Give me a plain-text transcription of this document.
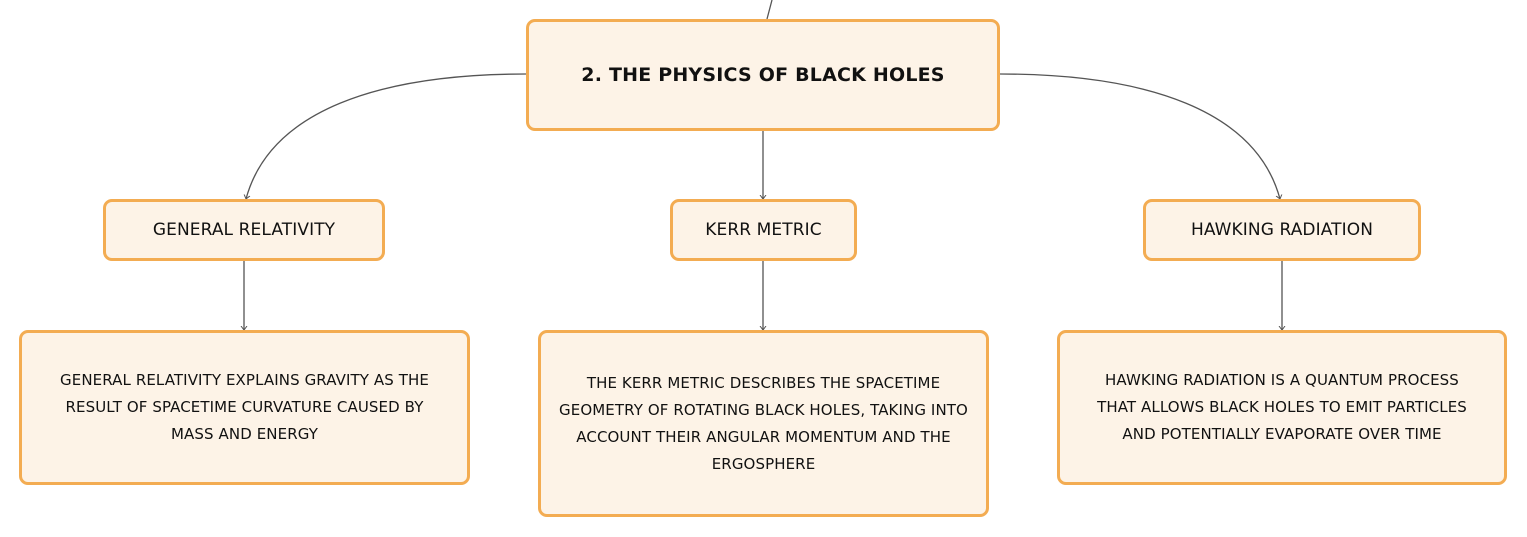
2. THE PHYSICS OF BLACK HOLES
GENERAL RELATIVITY	KERR METRIC	HAWKING RADIATION
GENERAL RELATIVITY EXPLAINS GRAVITY AS THE RESULT OF SPACETIME CURVATURE CAUSED BY MASS AND ENERGY
THE KERR METRIC DESCRIBES THE SPACETIME GEOMETRY OF ROTATING BLACK HOLES, TAKING INTO ACCOUNT THEIR ANGULAR MOMENTUM AND THE ERGOSPHERE
HAWKING RADIATION IS A QUANTUM PROCESS THAT ALLOWS BLACK HOLES TO EMIT PARTICLES AND POTENTIALLY EVAPORATE OVER TIME
